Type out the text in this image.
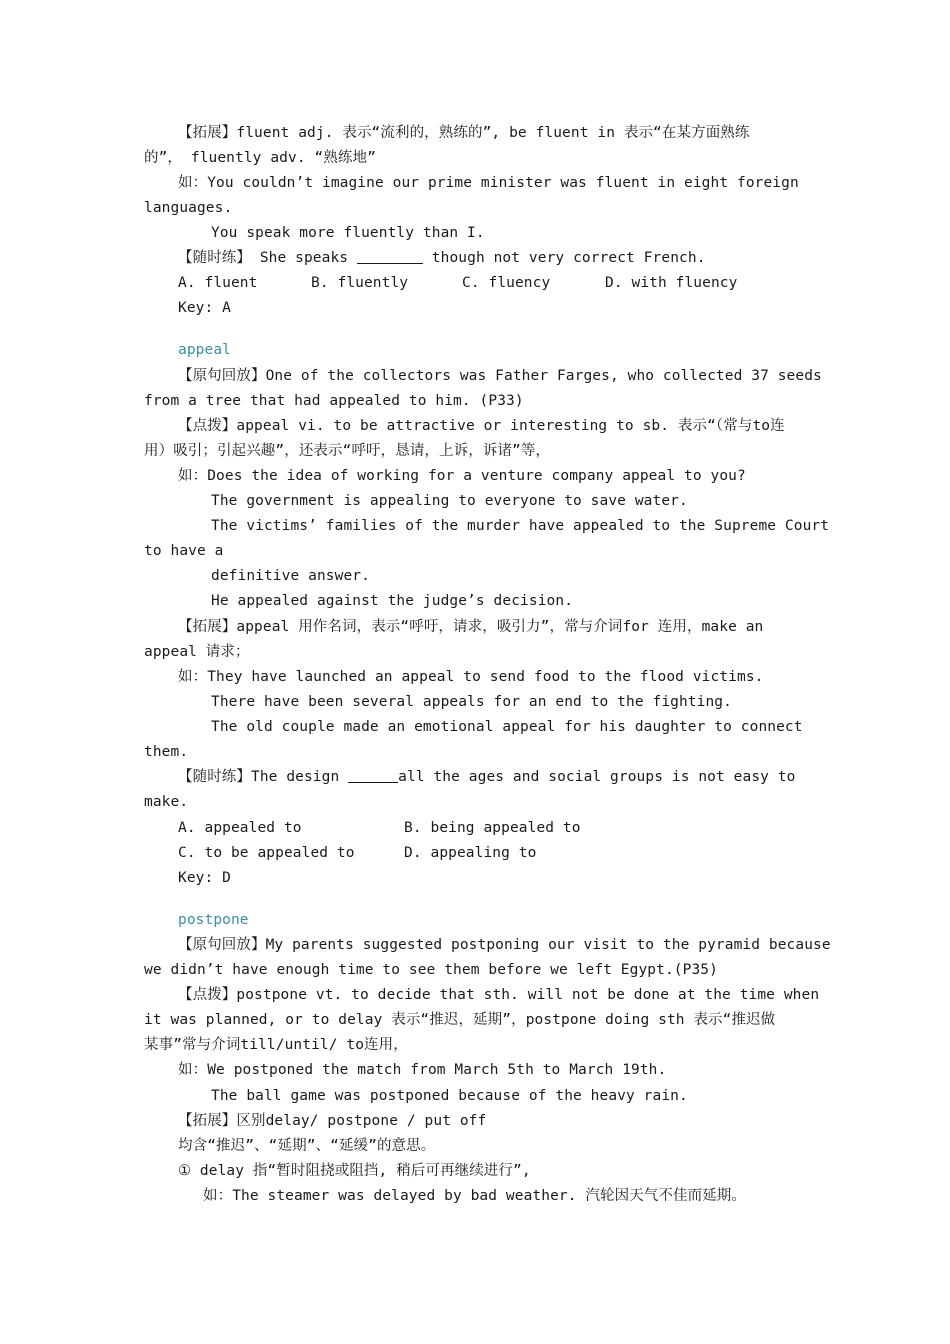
【拓展】fluent adj. 表示“流利的，熟练的”, be fluent in 表示“在某方面熟练
的”， fluently adv. “熟练地”
如：You couldn’t imagine our prime minister was fluent in eight foreign
languages.
You speak more fluently than I.
【随时练】 She speaks	though not very correct French.
A. fluent	B. fluently	C. fluency	D. with fluency
Key: A
appeal
【原句回放】One of the collectors was Father Farges, who collected 37 seeds
from a tree that had appealed to him. (P33)
【点拨】appeal vi. to be attractive or interesting to sb. 表示“（常与to连
用）吸引；引起兴趣”，还表示“呼吁，恳请，上诉，诉诸”等，
如：Does the idea of working for a venture company appeal to you?
The government is appealing to everyone to save water.
The victims’ families of the murder have appealed to the Supreme Court
to have a
definitive answer.
He appealed against the judge’s decision.
【拓展】appeal 用作名词，表示“呼吁，请求，吸引力”，常与介词for 连用，make an
appeal 请求；
如：They have launched an appeal to send food to the flood victims.
There have been several appeals for an end to the fighting.
The old couple made an emotional appeal for his daughter to connect
them.
【随时练】The design	all the ages and social groups is not easy to
make.
A. appealed to	B. being appealed to
C. to be appealed to	D. appealing to
Key: D
postpone
【原句回放】My parents suggested postponing our visit to the pyramid because
we didn’t have enough time to see them before we left Egypt.(P35)
【点拨】postpone vt. to decide that sth. will not be done at the time when
it was planned, or to delay 表示“推迟，延期”，postpone doing sth 表示“推迟做
某事”常与介词till/until/ to连用，
如：We postponed the match from March 5th to March 19th.
The ball game was postponed because of the heavy rain.
【拓展】区别delay/ postpone / put off
均含“推迟”、“延期”、“延缓”的意思。
① delay 指“暂时阻挠或阻挡, 稍后可再继续进行”,
如：The steamer was delayed by bad weather. 汽轮因天气不佳而延期。
